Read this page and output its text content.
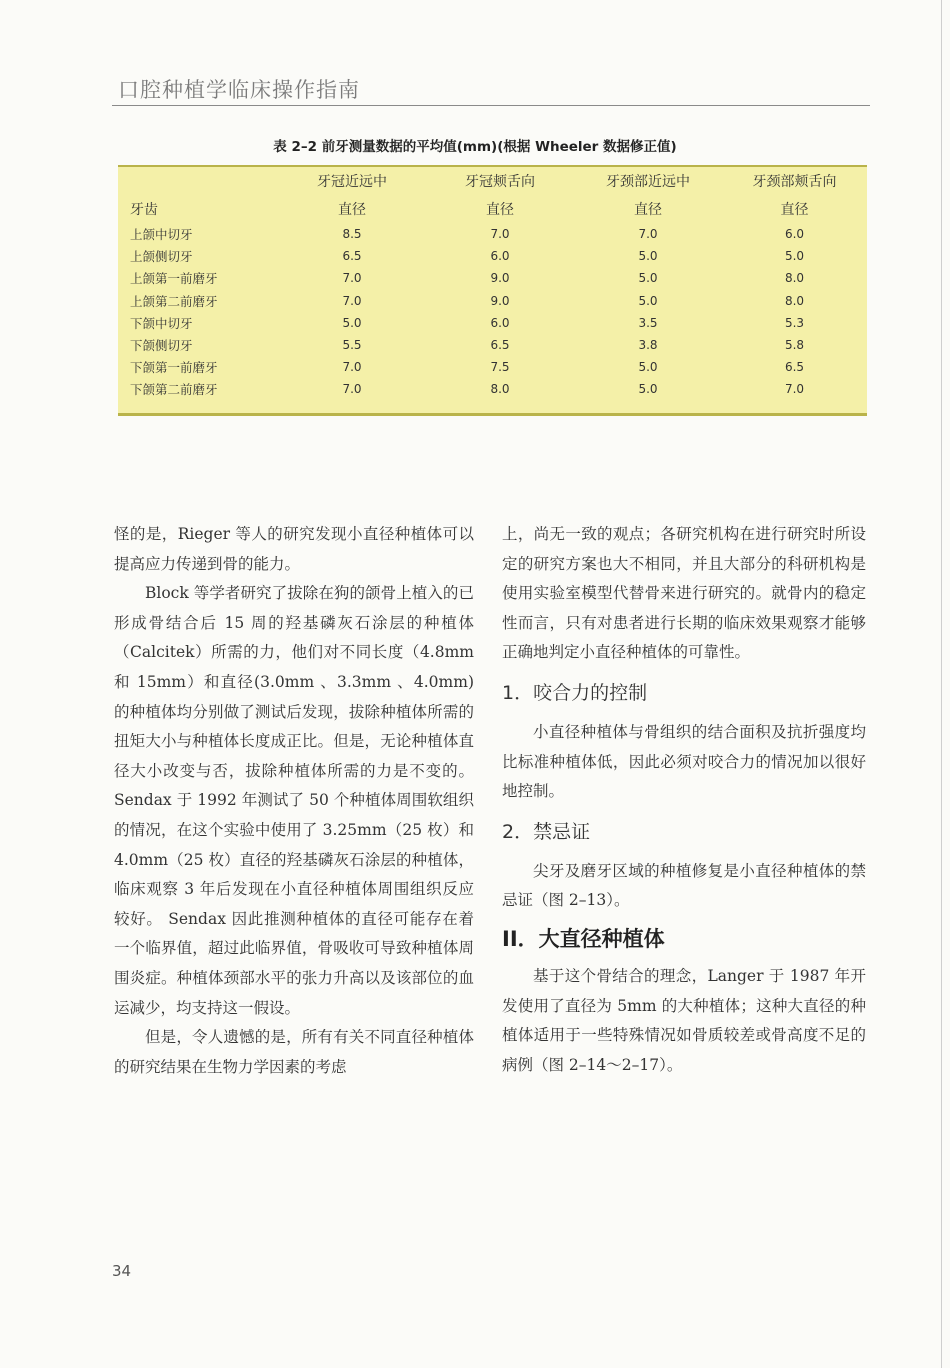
口腔种植学临床操作指南
表 2–2 前牙测量数据的平均值(mm)(根据 Wheeler 数据修正值)
	牙冠近远中	牙冠颊舌向	牙颈部近远中	牙颈部颊舌向
牙齿	直径	直径	直径	直径
上颌中切牙	8.5	7.0	7.0	6.0
上颌侧切牙	6.5	6.0	5.0	5.0
上颌第一前磨牙	7.0	9.0	5.0	8.0
上颌第二前磨牙	7.0	9.0	5.0	8.0
下颌中切牙	5.0	6.0	3.5	5.3
下颌侧切牙	5.5	6.5	3.8	5.8
下颌第一前磨牙	7.0	7.5	5.0	6.5
下颌第二前磨牙	7.0	8.0	5.0	7.0

怪的是，Rieger 等人的研究发现小直径种植体可以提高应力传递到骨的能力。

Block 等学者研究了拔除在狗的颌骨上植入的已形成骨结合后 15 周的羟基磷灰石涂层的种植体（Calcitek）所需的力，他们对不同长度（4.8mm 和 15mm）和直径(3.0mm 、3.3mm 、4.0mm)的种植体均分别做了测试后发现，拔除种植体所需的扭矩大小与种植体长度成正比。但是，无论种植体直径大小改变与否，拔除种植体所需的力是不变的。Sendax 于 1992 年测试了 50 个种植体周围软组织的情况，在这个实验中使用了 3.25mm（25 枚）和 4.0mm（25 枚）直径的羟基磷灰石涂层的种植体，临床观察 3 年后发现在小直径种植体周围组织反应较好。 Sendax 因此推测种植体的直径可能存在着一个临界值，超过此临界值，骨吸收可导致种植体周围炎症。种植体颈部水平的张力升高以及该部位的血运减少，均支持这一假设。

但是，令人遗憾的是，所有有关不同直径种植体的研究结果在生物力学因素的考虑

上，尚无一致的观点；各研究机构在进行研究时所设定的研究方案也大不相同，并且大部分的科研机构是使用实验室模型代替骨来进行研究的。就骨内的稳定性而言，只有对患者进行长期的临床效果观察才能够正确地判定小直径种植体的可靠性。

1．咬合力的控制

小直径种植体与骨组织的结合面积及抗折强度均比标准种植体低，因此必须对咬合力的情况加以很好地控制。

2．禁忌证

尖牙及磨牙区域的种植修复是小直径种植体的禁忌证（图 2–13）。

II．大直径种植体

基于这个骨结合的理念，Langer 于 1987 年开发使用了直径为 5mm 的大种植体；这种大直径的种植体适用于一些特殊情况如骨质较差或骨高度不足的病例（图 2–14～2–17）。

34
